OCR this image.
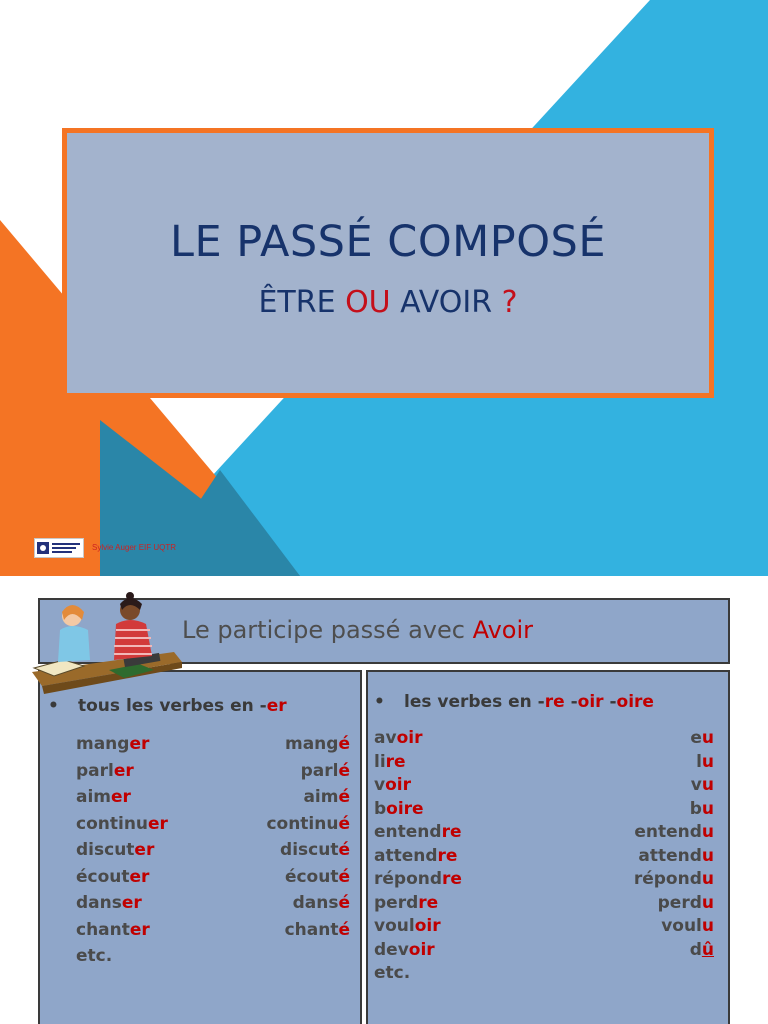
LE PASSÉ COMPOSÉ
ÊTRE OU AVOIR ?
Sylvie Auger EIF UQTR
Le participe passé avec Avoir
• tous les verbes en -er
manger	mangé
parler	parlé
aimer	aimé
continuer	continué
discuter	discuté
écouter	écouté
danser	dansé
chanter	chanté
etc.
• les verbes en -re -oir -oire
avoir	eu
lire	lu
voir	vu
boire	bu
entendre	entendu
attendre	attendu
répondre	répondu
perdre	perdu
vouloir	voulu
devoir	dû
etc.
